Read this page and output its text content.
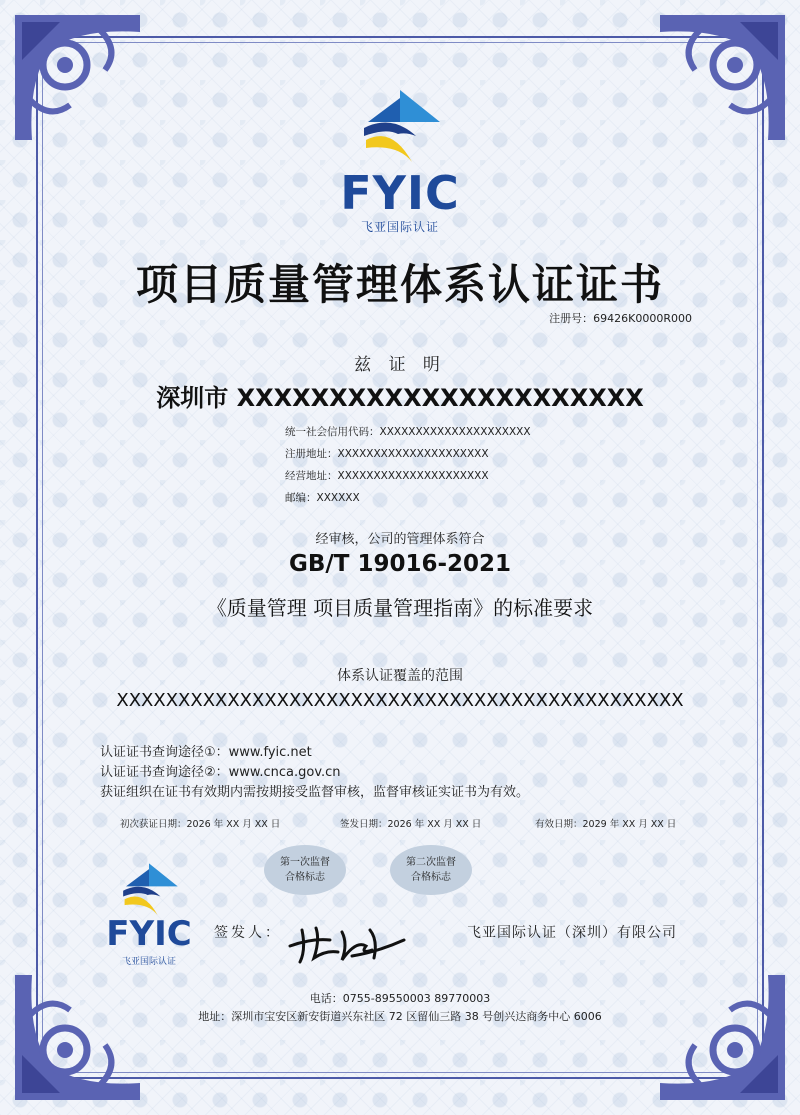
FYIC
飞亚国际认证
项目质量管理体系认证证书
注册号：69426K0000R000
兹 证 明
深圳市 XXXXXXXXXXXXXXXXXXXXXX
统一社会信用代码：XXXXXXXXXXXXXXXXXXXXX
注册地址：XXXXXXXXXXXXXXXXXXXXX
经营地址：XXXXXXXXXXXXXXXXXXXXX
邮编：XXXXXX
经审核，公司的管理体系符合
GB/T 19016-2021
《质量管理 项目质量管理指南》的标准要求
体系认证覆盖的范围
XXXXXXXXXXXXXXXXXXXXXXXXXXXXXXXXXXXXXXXXXXXXXX
认证证书查询途径①：www.fyic.net
认证证书查询途径②：www.cnca.gov.cn
获证组织在证书有效期内需按期接受监督审核，监督审核证实证书为有效。
初次获证日期：2026 年 XX 月 XX 日	签发日期：2026 年 XX 月 XX 日	有效日期：2029 年 XX 月 XX 日
第一次监督
合格标志
第二次监督
合格标志
FYIC
飞亚国际认证
签发人：	飞亚国际认证（深圳）有限公司
电话：0755-89550003 89770003
地址：深圳市宝安区新安街道兴东社区 72 区留仙三路 38 号创兴达商务中心 6006
